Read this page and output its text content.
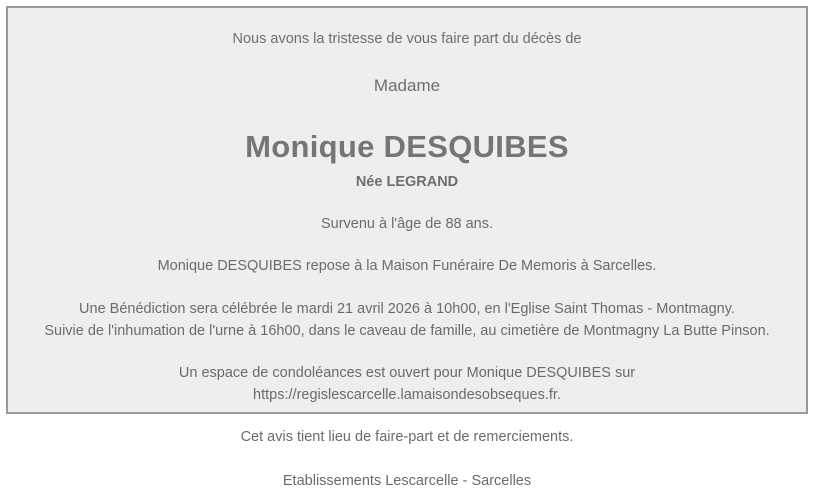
Nous avons la tristesse de vous faire part du décès de
Madame
Monique DESQUIBES
Née LEGRAND
Survenu à l'âge de 88 ans.
Monique DESQUIBES repose à la Maison Funéraire De Memoris à Sarcelles.
Une Bénédiction sera célébrée le mardi 21 avril 2026 à 10h00, en l'Eglise Saint Thomas - Montmagny.
Suivie de l'inhumation de l'urne à 16h00, dans le caveau de famille, au cimetière de Montmagny La Butte Pinson.
Un espace de condoléances est ouvert pour Monique DESQUIBES sur
https://regislescarcelle.lamaisondesobseques.fr.
Cet avis tient lieu de faire-part et de remerciements.
Etablissements Lescarcelle - Sarcelles
